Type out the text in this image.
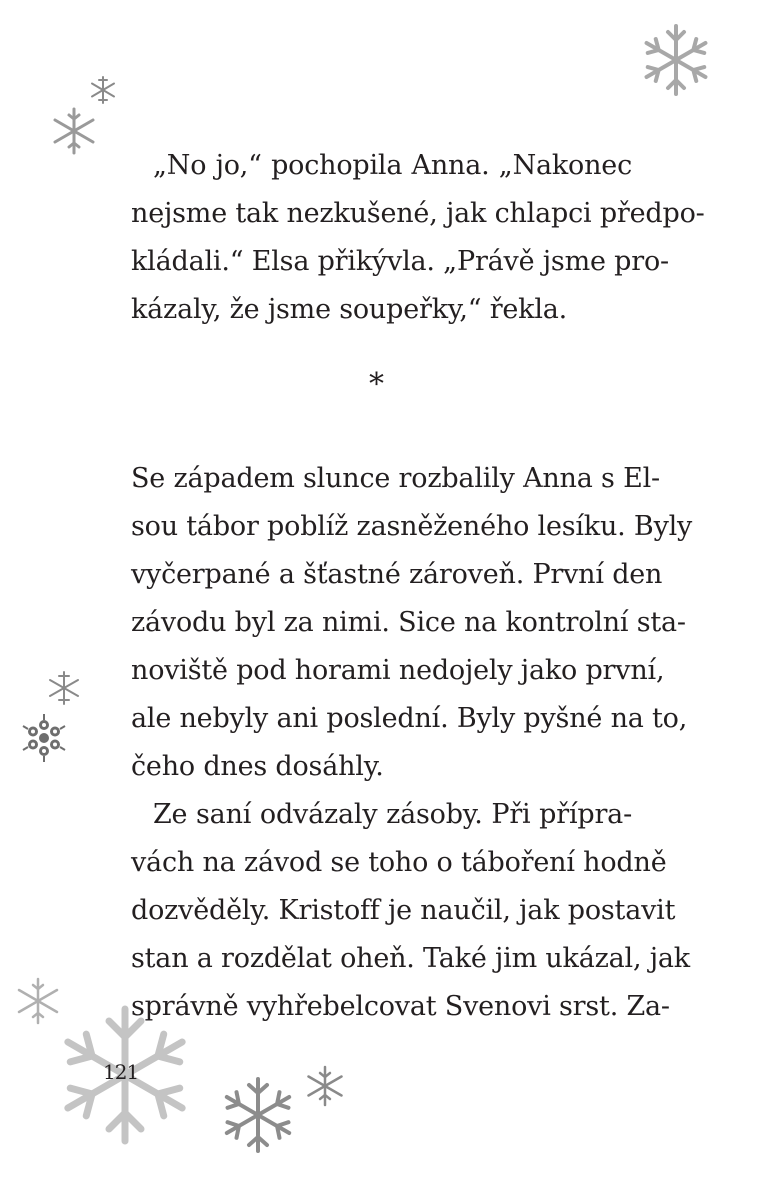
„No jo,“ pochopila Anna. „Nakonec
nejsme tak nezkušené, jak chlapci předpo-
kládali.“ Elsa přikývla. „Právě jsme pro-
kázaly, že jsme soupeřky,“ řekla.
*
Se západem slunce rozbalily Anna s El-
sou tábor poblíž zasněženého lesíku. Byly
vyčerpané a šťastné zároveň. První den
závodu byl za nimi. Sice na kontrolní sta-
noviště pod horami nedojely jako první,
ale nebyly ani poslední. Byly pyšné na to,
čeho dnes dosáhly.
Ze saní odvázaly zásoby. Při přípra-
vách na závod se toho o táboření hodně
dozvěděly. Kristoff je naučil, jak postavit
stan a rozdělat oheň. Také jim ukázal, jak
správně vyhřebelcovat Svenovi srst. Za-
121
